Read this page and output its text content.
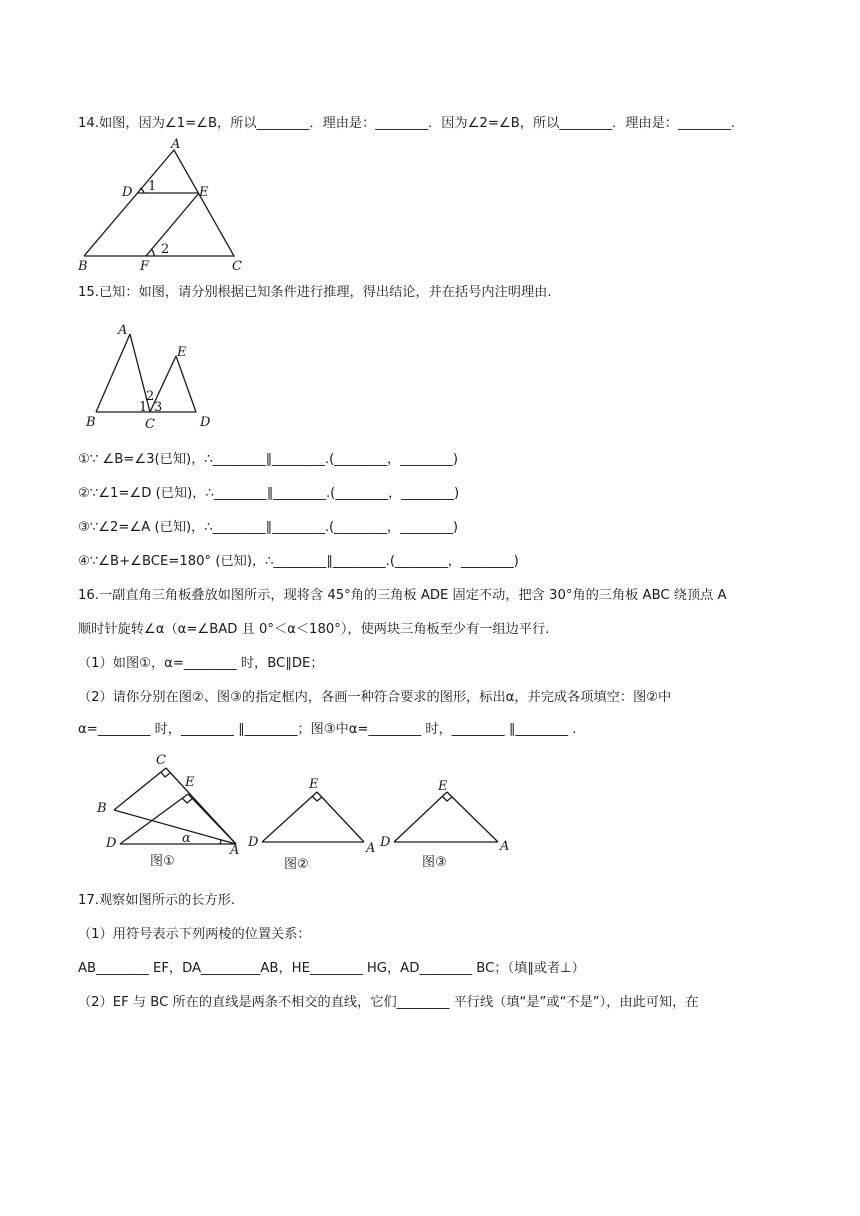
14.如图，因为∠1=∠B，所以________．理由是：________．因为∠2=∠B，所以________．理由是：________.
A
D	E
1
2
B	F	C
15.已知：如图，请分别根据已知条件进行推理，得出结论，并在括号内注明理由.
A
E
2
1 3
B	C	D
①∵ ∠B=∠3(已知)，∴________∥________.(________，________)
②∵∠1=∠D (已知)，∴________∥________.(________，________)
③∵∠2=∠A (已知)，∴________∥________.(________，________)
④∵∠B+∠BCE=180° (已知)，∴________∥________.(________，________)
16.一副直角三角板叠放如图所示，现将含 45°角的三角板 ADE 固定不动，把含 30°角的三角板 ABC 绕顶点 A
顺时针旋转∠α（α=∠BAD 且 0°＜α＜180°），使两块三角板至少有一组边平行.
（1）如图①，α=________ 时，BC∥DE；
（2）请你分别在图②、图③的指定框内，各画一种符合要求的图形，标出α，并完成各项填空：图②中
α=________ 时，________ ∥________；图③中α=________ 时，________ ∥________ .
C
E
B
D	α
A
图①
E
D	A
图②
E
D	A
图③
17.观察如图所示的长方形.
（1）用符号表示下列两棱的位置关系：
AB________ EF，DA_________AB，HE________ HG，AD________ BC；（填∥或者⊥）
（2）EF 与 BC 所在的直线是两条不相交的直线，它们________ 平行线（填“是”或“不是”），由此可知，在
